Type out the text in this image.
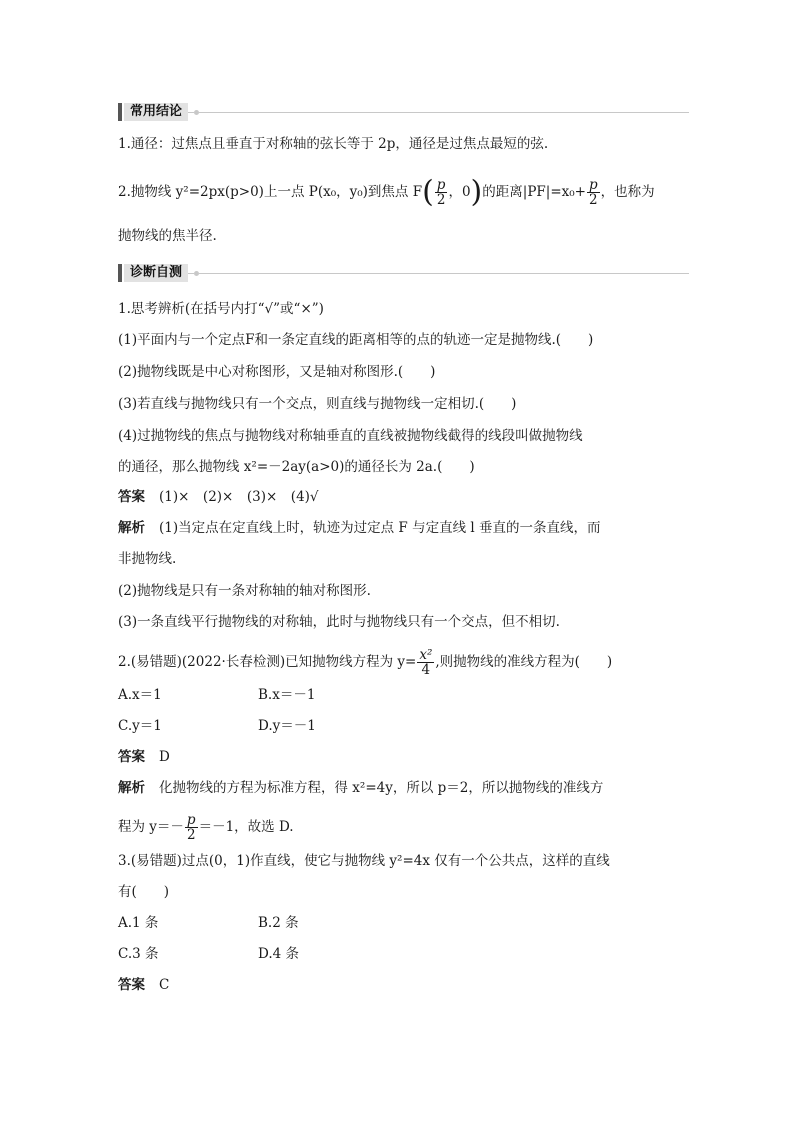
常用结论
1.通径：过焦点且垂直于对称轴的弦长等于 2p，通径是过焦点最短的弦.
2.抛物线 y²=2px(p>0)上一点 P(x₀，y₀)到焦点 $F( \frac{p}{2}$ ，0)的距离$|PF|=x_0+ \frac{p}{2}$ ，也称为
抛物线的焦半径.
诊断自测
1.思考辨析(在括号内打“√”或“×”)
(1)平面内与一个定点F和一条定直线的距离相等的点的轨迹一定是抛物线.(　　)
(2)抛物线既是中心对称图形，又是轴对称图形.(　　)
(3)若直线与抛物线只有一个交点，则直线与抛物线一定相切.(　　)
(4)过抛物线的焦点与抛物线对称轴垂直的直线被抛物线截得的线段叫做抛物线
的通径，那么抛物线 x²=－2ay(a>0)的通径长为 2a.(　　)
答案 (1)×　(2)×　(3)×　(4)√
解析 (1)当定点在定直线上时，轨迹为过定点 F 与定直线 l 垂直的一条直线，而
非抛物线.
(2)抛物线是只有一条对称轴的轴对称图形.
(3)一条直线平行抛物线的对称轴，此时与抛物线只有一个交点，但不相切.
2.(易错题)(2022·长春检测)已知抛物线方程为 $y= \frac{\text{x²}}{4}$ ,则抛物线的准线方程为(　　)
A.x＝1	B.x＝－1
C.y＝1	D.y＝－1
答案 D
解析 化抛物线的方程为标准方程，得 x²=4y，所以 p＝2，所以抛物线的准线方
程为 $y=- \frac{p}{2} =-1$，故选 D.
3.(易错题)过点(0，1)作直线，使它与抛物线 y²=4x 仅有一个公共点，这样的直线
有(　　)
A.1 条	B.2 条
C.3 条	D.4 条
答案 C
